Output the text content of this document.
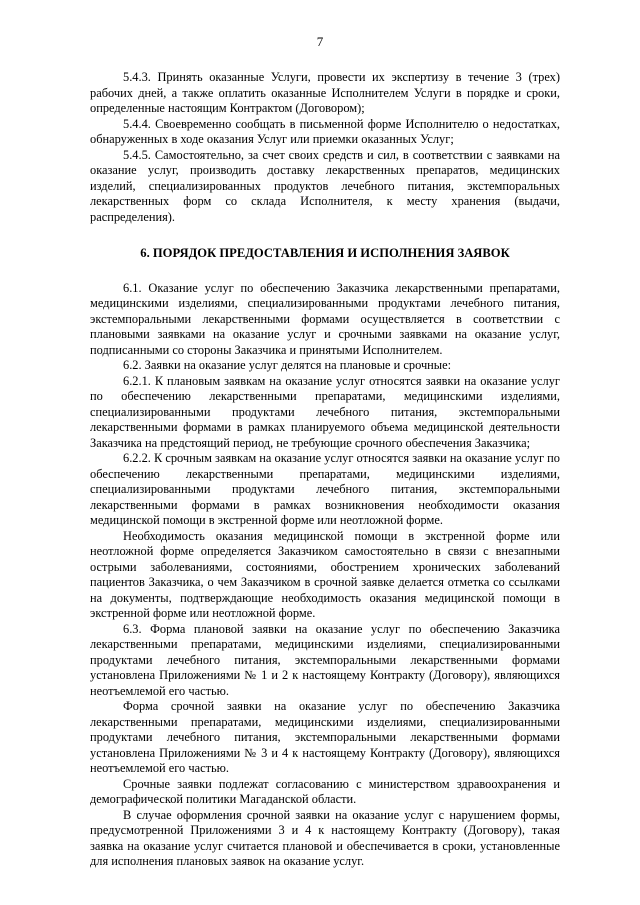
7

5.4.3. Принять оказанные Услуги, провести их экспертизу в течение 3 (трех) рабочих дней, а также оплатить оказанные Исполнителем Услуги в порядке и сроки, определенные настоящим Контрактом (Договором);

5.4.4. Своевременно сообщать в письменной форме Исполнителю о недостатках, обнаруженных в ходе оказания Услуг или приемки оказанных Услуг;

5.4.5. Самостоятельно, за счет своих средств и сил, в соответствии с заявками на оказание услуг, производить доставку лекарственных препаратов, медицинских изделий, специализированных продуктов лечебного питания, экстемпоральных лекарственных форм со склада Исполнителя, к месту хранения (выдачи, распределения).

6. ПОРЯДОК ПРЕДОСТАВЛЕНИЯ И ИСПОЛНЕНИЯ ЗАЯВОК

6.1. Оказание услуг по обеспечению Заказчика лекарственными препаратами, медицинскими изделиями, специализированными продуктами лечебного питания, экстемпоральными лекарственными формами осуществляется в соответствии с плановыми заявками на оказание услуг и срочными заявками на оказание услуг, подписанными со стороны Заказчика и принятыми Исполнителем.

6.2. Заявки на оказание услуг делятся на плановые и срочные:

6.2.1. К плановым заявкам на оказание услуг относятся заявки на оказание услуг по обеспечению лекарственными препаратами, медицинскими изделиями, специализированными продуктами лечебного питания, экстемпоральными лекарственными формами в рамках планируемого объема медицинской деятельности Заказчика на предстоящий период, не требующие срочного обеспечения Заказчика;

6.2.2. К срочным заявкам на оказание услуг относятся заявки на оказание услуг по обеспечению лекарственными препаратами, медицинскими изделиями, специализированными продуктами лечебного питания, экстемпоральными лекарственными формами в рамках возникновения необходимости оказания медицинской помощи в экстренной форме или неотложной форме.

Необходимость оказания медицинской помощи в экстренной форме или неотложной форме определяется Заказчиком самостоятельно в связи с внезапными острыми заболеваниями, состояниями, обострением хронических заболеваний пациентов Заказчика, о чем Заказчиком в срочной заявке делается отметка со ссылками на документы, подтверждающие необходимость оказания медицинской помощи в экстренной форме или неотложной форме.

6.3. Форма плановой заявки на оказание услуг по обеспечению Заказчика лекарственными препаратами, медицинскими изделиями, специализированными продуктами лечебного питания, экстемпоральными лекарственными формами установлена Приложениями № 1 и 2 к настоящему Контракту (Договору), являющихся неотъемлемой его частью.

Форма срочной заявки на оказание услуг по обеспечению Заказчика лекарственными препаратами, медицинскими изделиями, специализированными продуктами лечебного питания, экстемпоральными лекарственными формами установлена Приложениями № 3 и 4 к настоящему Контракту (Договору), являющихся неотъемлемой его частью.

Срочные заявки подлежат согласованию с министерством здравоохранения и демографической политики Магаданской области.

В случае оформления срочной заявки на оказание услуг с нарушением формы, предусмотренной Приложениями 3 и 4 к настоящему Контракту (Договору), такая заявка на оказание услуг считается плановой и обеспечивается в сроки, установленные для исполнения плановых заявок на оказание услуг.
